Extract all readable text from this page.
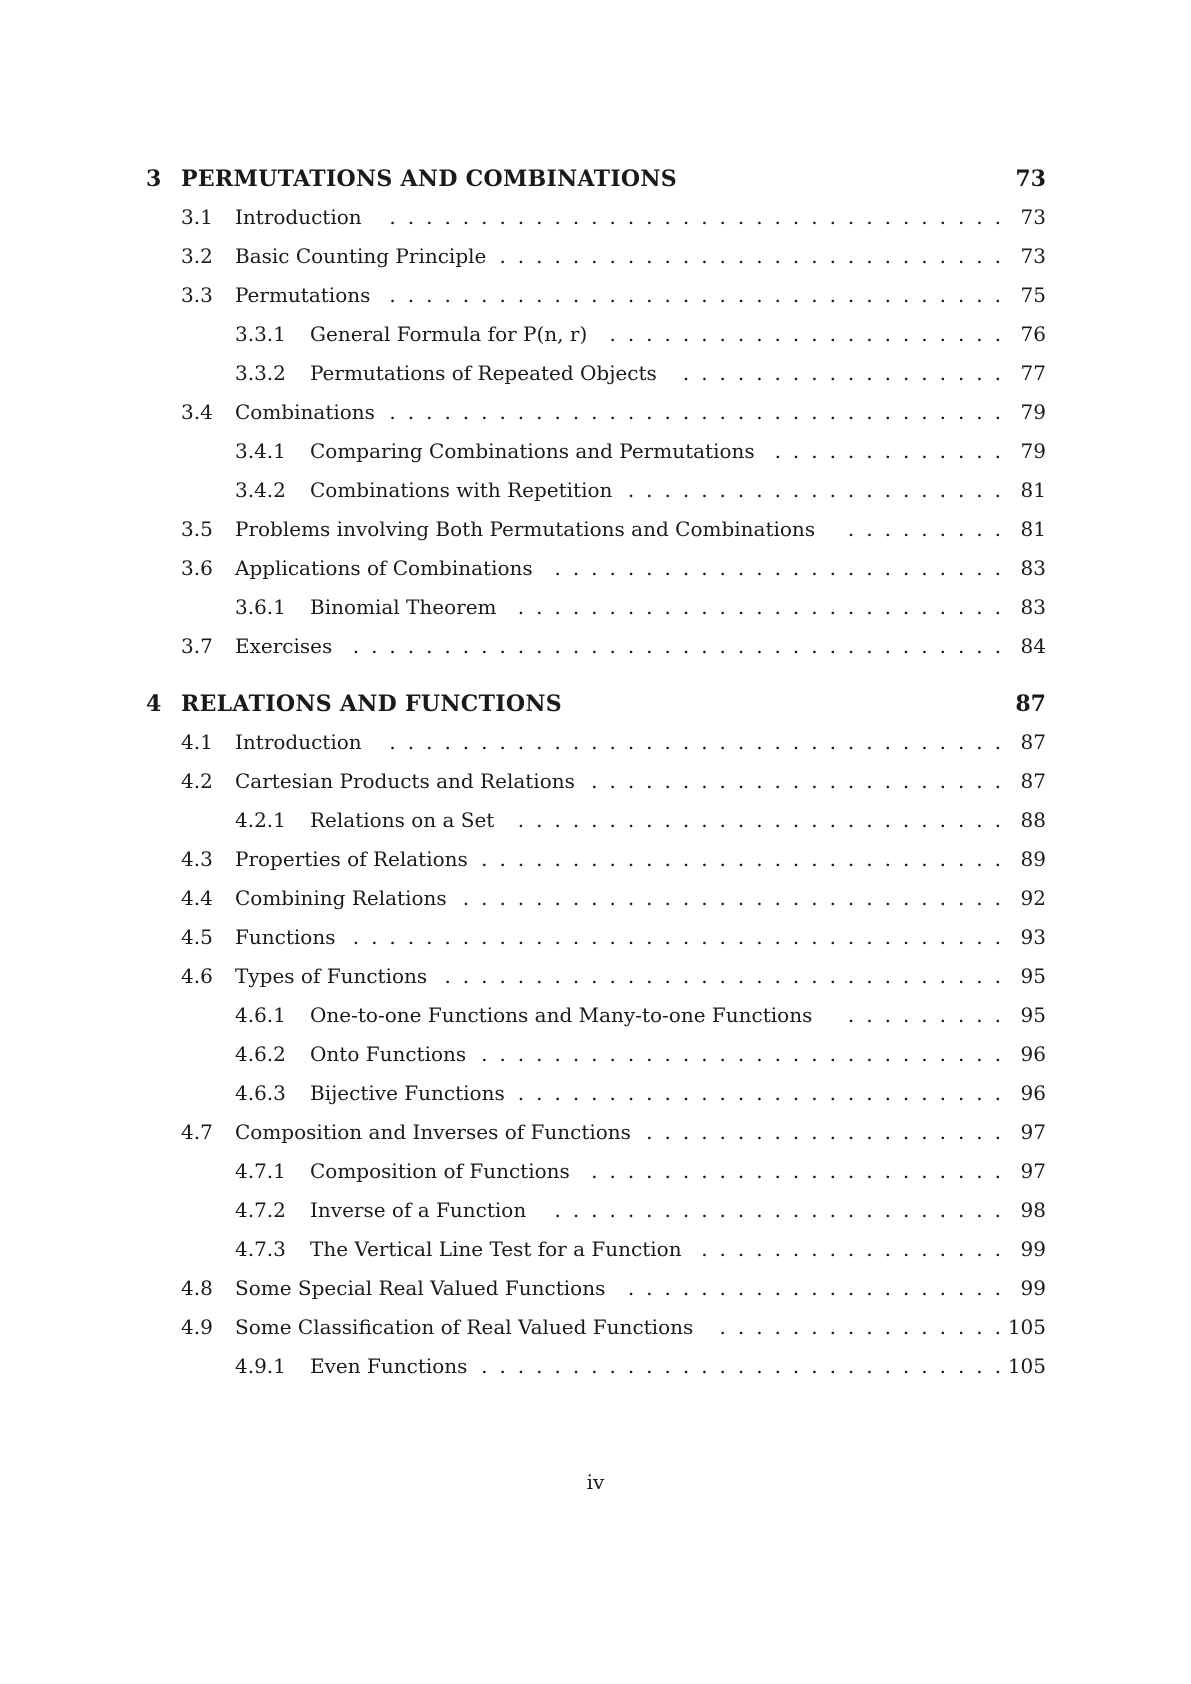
3 PERMUTATIONS AND COMBINATIONS	73
3.1 Introduction	.   .   .   .   .   .   .   .   .   .   .   .   .   .   .   .   .   .   .   .   .   .   .   .   .   .   .   .   .   .   .   .   .   . 73
3.2 Basic Counting Principle .   .   .   .   .   .   .   .   .   .   .   .   .   .   .   .   .   .   .   .   .   .   .   .   .   .   .   . 73
3.3 Permutations .   .   .   .   .   .   .   .   .   .   .   .   .   .   .   .   .   .   .   .   .   .   .   .   .   .   .   .   .   .   .   .   .   . 75
3.3.1 General Formula for P(n, r)	.   .   .   .   .   .   .   .   .   .   .   .   .   .   .   .   .   .   .   .   .   . 76
3.3.2 Permutations of Repeated Objects	.   .   .   .   .   .   .   .   .   .   .   .   .   .   .   .   .   . 77
3.4 Combinations .   .   .   .   .   .   .   .   .   .   .   .   .   .   .   .   .   .   .   .   .   .   .   .   .   .   .   .   .   .   .   .   .   . 79
3.4.1 Comparing Combinations and Permutations .   .   .   .   .   .   .   .   .   .   .   .   . 79
3.4.2 Combinations with Repetition .   .   .   .   .   .   .   .   .   .   .   .   .   .   .   .   .   .   .   .   . 81
3.5 Problems involving Both Permutations and Combinations	.   .   .   .   .   .   .   .   . 81
3.6 Applications of Combinations	.   .   .   .   .   .   .   .   .   .   .   .   .   .   .   .   .   .   .   .   .   .   .   .   . 83
3.6.1 Binomial Theorem	.   .   .   .   .   .   .   .   .   .   .   .   .   .   .   .   .   .   .   .   .   .   .   .   .   .   . 83
3.7 Exercises	.   .   .   .   .   .   .   .   .   .   .   .   .   .   .   .   .   .   .   .   .   .   .   .   .   .   .   .   .   .   .   .   .   .   .   . 84
4 RELATIONS AND FUNCTIONS	87
4.1 Introduction	.   .   .   .   .   .   .   .   .   .   .   .   .   .   .   .   .   .   .   .   .   .   .   .   .   .   .   .   .   .   .   .   .   . 87
4.2 Cartesian Products and Relations .   .   .   .   .   .   .   .   .   .   .   .   .   .   .   .   .   .   .   .   .   .   . 87
4.2.1 Relations on a Set	.   .   .   .   .   .   .   .   .   .   .   .   .   .   .   .   .   .   .   .   .   .   .   .   .   .   . 88
4.3 Properties of Relations .   .   .   .   .   .   .   .   .   .   .   .   .   .   .   .   .   .   .   .   .   .   .   .   .   .   .   .   . 89
4.4 Combining Relations .   .   .   .   .   .   .   .   .   .   .   .   .   .   .   .   .   .   .   .   .   .   .   .   .   .   .   .   .   . 92
4.5 Functions .   .   .   .   .   .   .   .   .   .   .   .   .   .   .   .   .   .   .   .   .   .   .   .   .   .   .   .   .   .   .   .   .   .   .   . 93
4.6 Types of Functions .   .   .   .   .   .   .   .   .   .   .   .   .   .   .   .   .   .   .   .   .   .   .   .   .   .   .   .   .   .   . 95
4.6.1 One-to-one Functions and Many-to-one Functions	.   .   .   .   .   .   .   .   . 95
4.6.2 Onto Functions .   .   .   .   .   .   .   .   .   .   .   .   .   .   .   .   .   .   .   .   .   .   .   .   .   .   .   .   . 96
4.6.3 Bijective Functions .   .   .   .   .   .   .   .   .   .   .   .   .   .   .   .   .   .   .   .   .   .   .   .   .   .   . 96
4.7 Composition and Inverses of Functions .   .   .   .   .   .   .   .   .   .   .   .   .   .   .   .   .   .   .   . 97
4.7.1 Composition of Functions	.   .   .   .   .   .   .   .   .   .   .   .   .   .   .   .   .   .   .   .   .   .   . 97
4.7.2 Inverse of a Function	.   .   .   .   .   .   .   .   .   .   .   .   .   .   .   .   .   .   .   .   .   .   .   .   . 98
4.7.3 The Vertical Line Test for a Function .   .   .   .   .   .   .   .   .   .   .   .   .   .   .   .   . 99
4.8 Some Special Real Valued Functions	.   .   .   .   .   .   .   .   .   .   .   .   .   .   .   .   .   .   .   .   . 99
4.9 Some Classification of Real Valued Functions	.   .   .   .   .   .   .   .   .   .   .   .   .   .   .   . 105
4.9.1 Even Functions .   .   .   .   .   .   .   .   .   .   .   .   .   .   .   .   .   .   .   .   .   .   .   .   .   .   .   .   . 105
iv
